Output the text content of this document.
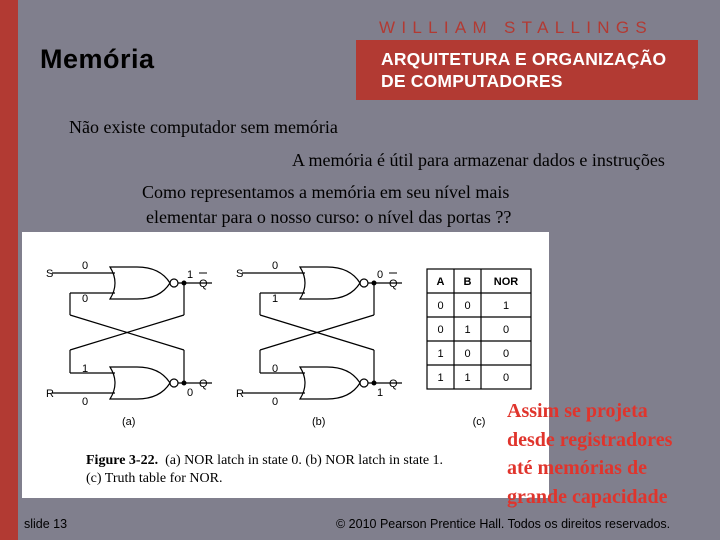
Memória
WILLIAM STALLINGS
ARQUITETURA E ORGANIZAÇÃO
DE COMPUTADORES
Não existe computador sem memória
A memória é útil para armazenar dados e instruções
Como representamos a memória em seu nível mais
elementar para o nosso curso: o nível das portas ??
S
0
0
1
Q
1
R
0
0
Q
(a)
S
0
1
0
Q
0
R
0
1
Q
(b)
A B NOR
0 0	1
0 1	0
1 0	0
1 1	0
(c)
Figure 3-22. (a) NOR latch in state 0. (b) NOR latch in state 1.
(c) Truth table for NOR.
Assim se projeta
desde registradores
até memórias de
grande capacidade
slide 13	© 2010 Pearson Prentice Hall. Todos os direitos reservados.
